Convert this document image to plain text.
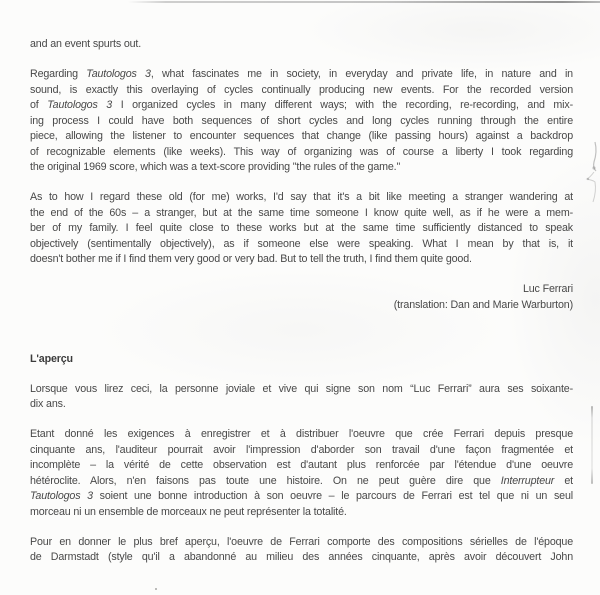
and an event spurts out.
Regarding Tautologos 3, what fascinates me in society, in everyday and private life, in nature and in
sound, is exactly this overlaying of cycles continually producing new events. For the recorded version
of Tautologos 3 I organized cycles in many different ways; with the recording, re-recording, and mix-
ing process I could have both sequences of short cycles and long cycles running through the entire
piece, allowing the listener to encounter sequences that change (like passing hours) against a backdrop
of recognizable elements (like weeks). This way of organizing was of course a liberty I took regarding
the original 1969 score, which was a text-score providing "the rules of the game."
As to how I regard these old (for me) works, I'd say that it's a bit like meeting a stranger wandering at
the end of the 60s – a stranger, but at the same time someone I know quite well, as if he were a mem-
ber of my family. I feel quite close to these works but at the same time sufficiently distanced to speak
objectively (sentimentally objectively), as if someone else were speaking. What I mean by that is, it
doesn't bother me if I find them very good or very bad. But to tell the truth, I find them quite good.
Luc Ferrari
(translation: Dan and Marie Warburton)
L'aperçu
Lorsque vous lirez ceci, la personne joviale et vive qui signe son nom “Luc Ferrari” aura ses soixante-
dix ans.
Etant donné les exigences à enregistrer et à distribuer l'oeuvre que crée Ferrari depuis presque
cinquante ans, l'auditeur pourrait avoir l'impression d'aborder son travail d'une façon fragmentée et
incomplète – la vérité de cette observation est d'autant plus renforcée par l'étendue d'une oeuvre
hétéroclite. Alors, n'en faisons pas toute une histoire. On ne peut guère dire que Interrupteur et
Tautologos 3 soient une bonne introduction à son oeuvre – le parcours de Ferrari est tel que ni un seul
morceau ni un ensemble de morceaux ne peut représenter la totalité.
Pour en donner le plus bref aperçu, l'oeuvre de Ferrari comporte des compositions sérielles de l'époque
de Darmstadt (style qu'il a abandonné au milieu des années cinquante, après avoir découvert John
